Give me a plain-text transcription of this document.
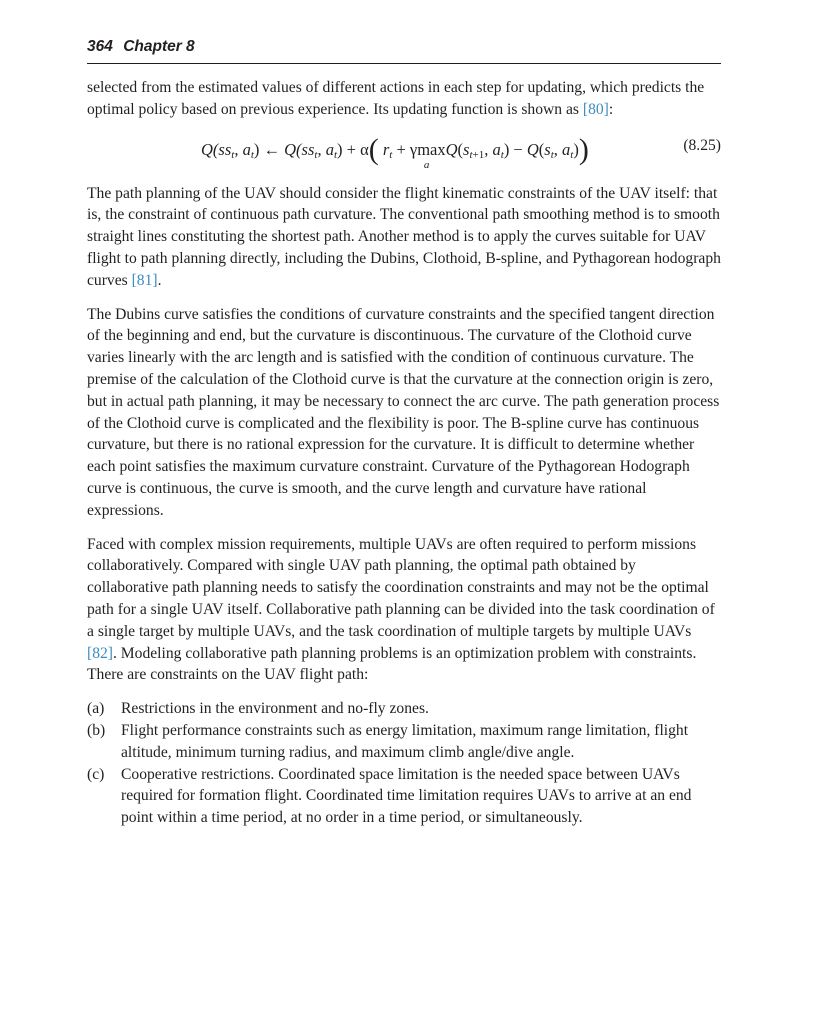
364 Chapter 8

selected from the estimated values of different actions in each step for updating, which predicts the optimal policy based on previous experience. Its updating function is shown as [80]:

$Q(ss_t$, $a_t$) ← $Q(ss_t$, $a_t) + \alpha$( $r_t + \gamma\max$
a
$Q(s_{t+1}$, $a_t) - Q(s_t$, $a_t$))	(8.25)

The path planning of the UAV should consider the flight kinematic constraints of the UAV itself: that is, the constraint of continuous path curvature. The conventional path smoothing method is to smooth straight lines constituting the shortest path. Another method is to apply the curves suitable for UAV flight to path planning directly, including the Dubins, Clothoid, B-spline, and Pythagorean hodograph curves [81].

The Dubins curve satisfies the conditions of curvature constraints and the specified tangent direction of the beginning and end, but the curvature is discontinuous. The curvature of the Clothoid curve varies linearly with the arc length and is satisfied with the condition of continuous curvature. The premise of the calculation of the Clothoid curve is that the curvature at the connection origin is zero, but in actual path planning, it may be necessary to connect the arc curve. The path generation process of the Clothoid curve is complicated and the flexibility is poor. The B-spline curve has continuous curvature, but there is no rational expression for the curvature. It is difficult to determine whether each point satisfies the maximum curvature constraint. Curvature of the Pythagorean Hodograph curve is continuous, the curve is smooth, and the curve length and curvature have rational expressions.

Faced with complex mission requirements, multiple UAVs are often required to perform missions collaboratively. Compared with single UAV path planning, the optimal path obtained by collaborative path planning needs to satisfy the coordination constraints and may not be the optimal path for a single UAV itself. Collaborative path planning can be divided into the task coordination of a single target by multiple UAVs, and the task coordination of multiple targets by multiple UAVs [82]. Modeling collaborative path planning problems is an optimization problem with constraints. There are constraints on the UAV flight path:

(a) Restrictions in the environment and no-fly zones.
(b) Flight performance constraints such as energy limitation, maximum range limitation, flight altitude, minimum turning radius, and maximum climb angle/dive angle.
(c) Cooperative restrictions. Coordinated space limitation is the needed space between UAVs required for formation flight. Coordinated time limitation requires UAVs to arrive at an end point within a time period, at no order in a time period, or simultaneously.
